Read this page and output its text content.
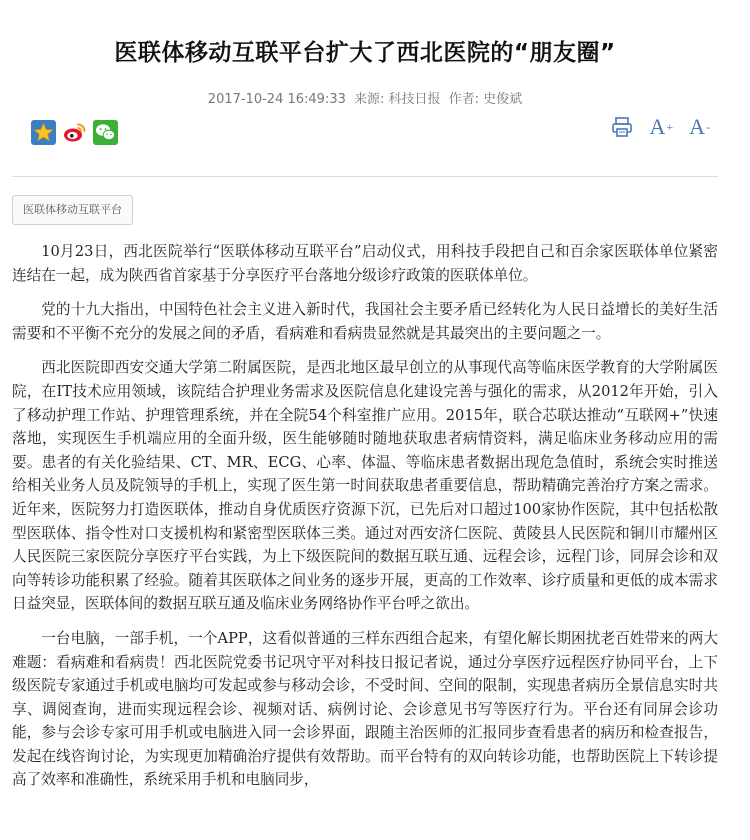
医联体移动互联平台扩大了西北医院的“朋友圈”
2017-10-24 16:49:33 来源: 科技日报 作者: 史俊斌
A + A -
医联体移动互联平台

10月23日，西北医院举行“医联体移动互联平台”启动仪式，用科技手段把自己和百余家医联体单位紧密连结在一起，成为陕西省首家基于分享医疗平台落地分级诊疗政策的医联体单位。

党的十九大指出，中国特色社会主义进入新时代，我国社会主要矛盾已经转化为人民日益增长的美好生活需要和不平衡不充分的发展之间的矛盾，看病难和看病贵显然就是其最突出的主要问题之一。

西北医院即西安交通大学第二附属医院，是西北地区最早创立的从事现代高等临床医学教育的大学附属医院，在IT技术应用领域，该院结合护理业务需求及医院信息化建设完善与强化的需求，从2012年开始，引入了移动护理工作站、护理管理系统，并在全院54个科室推广应用。2015年，联合芯联达推动“互联网+”快速落地，实现医生手机端应用的全面升级，医生能够随时随地获取患者病情资料，满足临床业务移动应用的需要。患者的有关化验结果、CT、MR、ECG、心率、体温、等临床患者数据出现危急值时，系统会实时推送给相关业务人员及院领导的手机上，实现了医生第一时间获取患者重要信息，帮助精确完善治疗方案之需求。近年来，医院努力打造医联体，推动自身优质医疗资源下沉，已先后对口超过100家协作医院，其中包括松散型医联体、指令性对口支援机构和紧密型医联体三类。通过对西安济仁医院、黄陵县人民医院和铜川市耀州区人民医院三家医院分享医疗平台实践，为上下级医院间的数据互联互通、远程会诊，远程门诊，同屏会诊和双向等转诊功能积累了经验。随着其医联体之间业务的逐步开展，更高的工作效率、诊疗质量和更低的成本需求日益突显，医联体间的数据互联互通及临床业务网络协作平台呼之欲出。

一台电脑，一部手机，一个APP，这看似普通的三样东西组合起来，有望化解长期困扰老百姓带来的两大难题：看病难和看病贵！西北医院党委书记巩守平对科技日报记者说，通过分享医疗远程医疗协同平台，上下级医院专家通过手机或电脑均可发起或参与移动会诊，不受时间、空间的限制，实现患者病历全景信息实时共享、调阅查询，进而实现远程会诊、视频对话、病例讨论、会诊意见书写等医疗行为。平台还有同屏会诊功能，参与会诊专家可用手机或电脑进入同一会诊界面，跟随主治医师的汇报同步查看患者的病历和检查报告，发起在线咨询讨论，为实现更加精确治疗提供有效帮助。而平台特有的双向转诊功能，也帮助医院上下转诊提高了效率和准确性，系统采用手机和电脑同步，
